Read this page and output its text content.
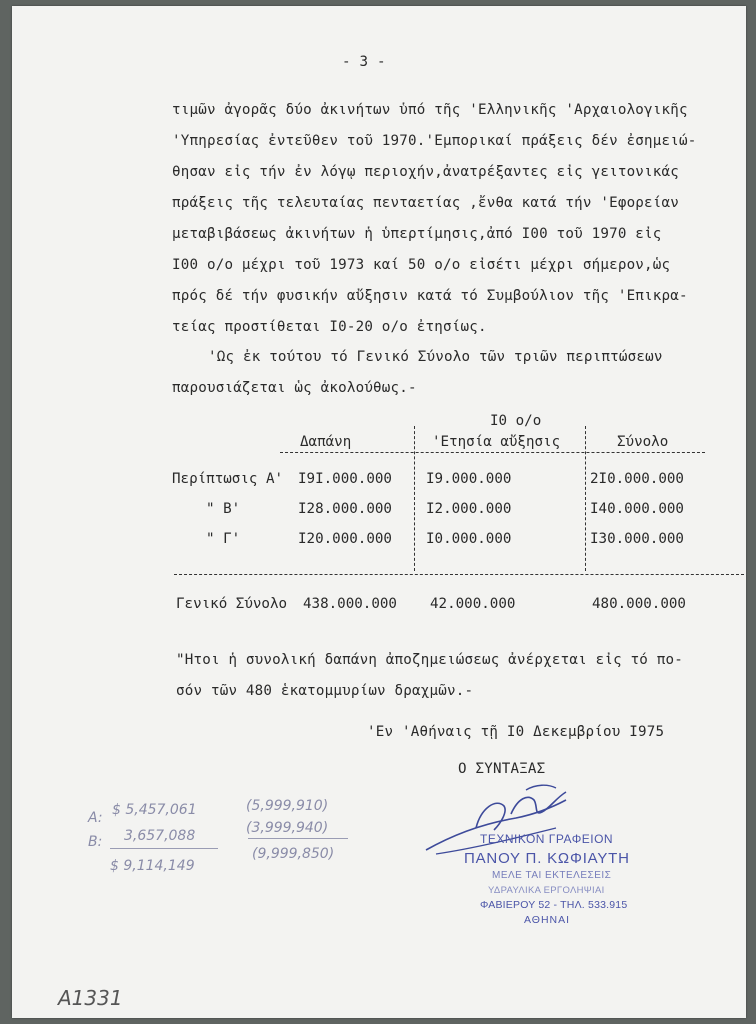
- 3 -
τιμῶν ἀγορᾶς δύο ἀκινήτων ὑπό τῆς 'Ελληνικῆς 'Αρχαιολογικῆς
'Υπηρεσίας ἐντεῦθεν τοῦ 1970.'Εμπορικαί πράξεις δέν ἐσημειώ-
θησαν εἰς τήν ἐν λόγῳ περιοχήν,ἀνατρέξαντες εἰς γειτονικάς
πράξεις τῆς τελευταίας πενταετίας ,ἔνθα κατά τήν 'Εφορείαν
μεταβιβάσεως ἀκινήτων ἡ ὑπερτίμησις,ἀπό Ι00 τοῦ 1970 εἰς
Ι00 ο/ο μέχρι τοῦ 1973 καί 50 ο/ο εἰσέτι μέχρι σήμερον,ὡς
πρός δέ τήν φυσικήν αὔξησιν κατά τό Συμβούλιον τῆς 'Επικρα-
τείας προστίθεται Ι0-20 ο/ο ἐτησίως.
'Ως ἐκ τούτου τό Γενικό Σύνολο τῶν τριῶν περιπτώσεων
παρουσιάζεται ὡς ἀκολούθως.-
Ι0 ο/ο
Δαπάνη	'Ετησία αὔξησις	Σύνολο
Περίπτωσις Α' Ι9Ι.000.000 Ι9.000.000	2Ι0.000.000
" Β'	Ι28.000.000 Ι2.000.000	Ι40.000.000
" Γ'	Ι20.000.000 Ι0.000.000	Ι30.000.000
Γενικό Σύνολο 438.000.000 42.000.000	480.000.000
"Ητοι ἡ συνολική δαπάνη ἀποζημειώσεως ἀνέρχεται εἰς τό πο-
σόν τῶν 480 ἑκατομμυρίων δραχμῶν.-
'Εν 'Αθήναις τῇ Ι0 Δεκεμβρίου Ι975
Ο ΣΥΝΤΑΞΑΣ
ΤΕΧΝΙΚΟΝ ΓΡΑΦΕΙΟΝ
ΠΑΝΟΥ Π. ΚΩΦΙΑΥΤΗ
ΜΕΛΕ ΤΑΙ ΕΚΤΕΛΕΣΕΙΣ
ΥΔΡΑΥΛΙΚΑ ΕΡΓΟΛΗΨΙΑΙ
ΦΑΒΙΕΡΟΥ 52 - ΤΗΛ. 533.915
ΑΘΗΝΑΙ
A: $ 5,457,061
B: 3,657,088
$ 9,114,149
(5,999,910)
(3,999,940)
(9,999,850)
A1331
